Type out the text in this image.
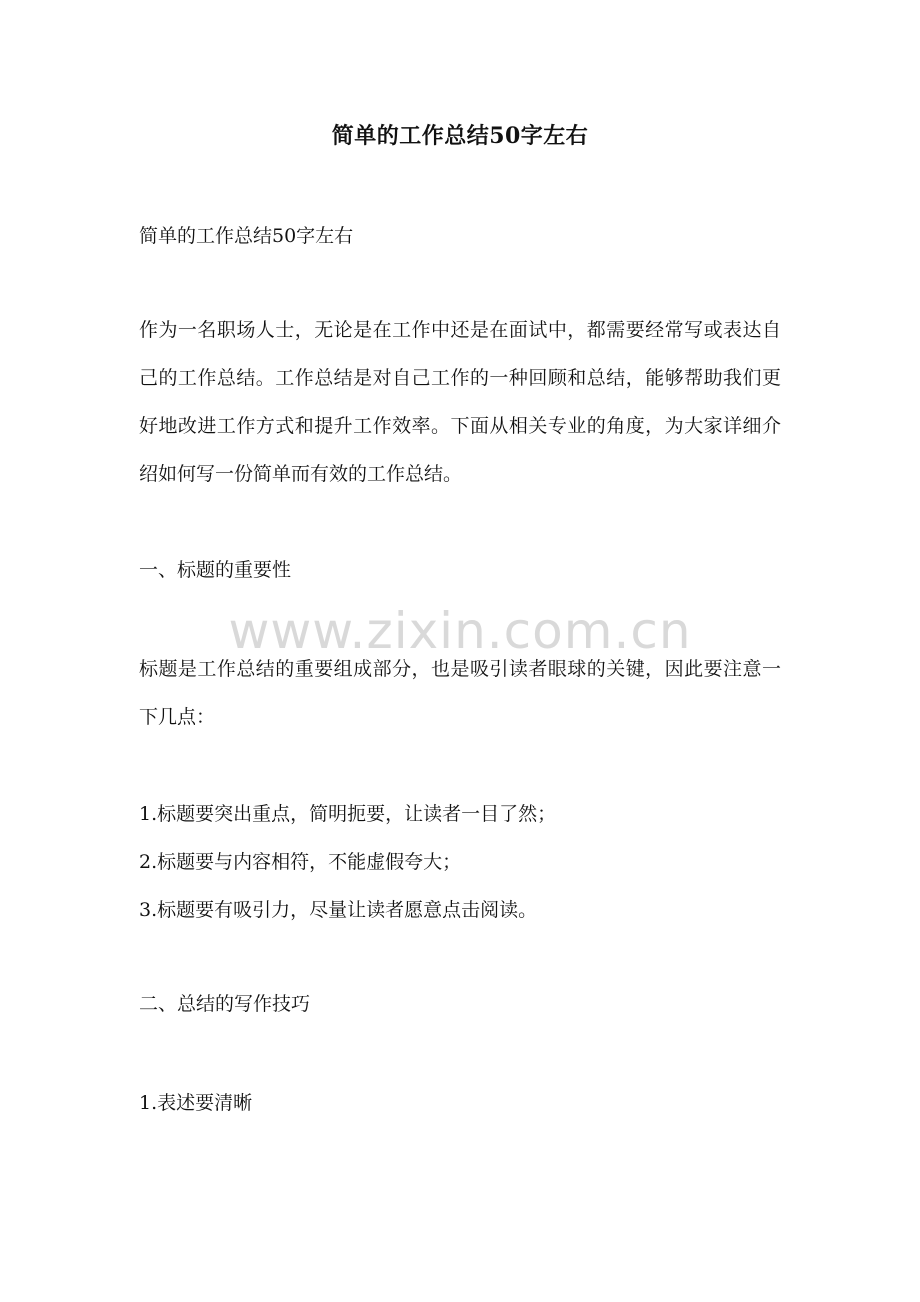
简单的工作总结50字左右
简单的工作总结50字左右
作为一名职场人士，无论是在工作中还是在面试中，都需要经常写或表达自己的工作总结。工作总结是对自己工作的一种回顾和总结，能够帮助我们更好地改进工作方式和提升工作效率。下面从相关专业的角度，为大家详细介绍如何写一份简单而有效的工作总结。
一、标题的重要性
标题是工作总结的重要组成部分，也是吸引读者眼球的关键，因此要注意一下几点：
1.标题要突出重点，简明扼要，让读者一目了然；
2.标题要与内容相符，不能虚假夸大；
3.标题要有吸引力，尽量让读者愿意点击阅读。
二、总结的写作技巧
1.表述要清晰
www.zixin.com.cn
